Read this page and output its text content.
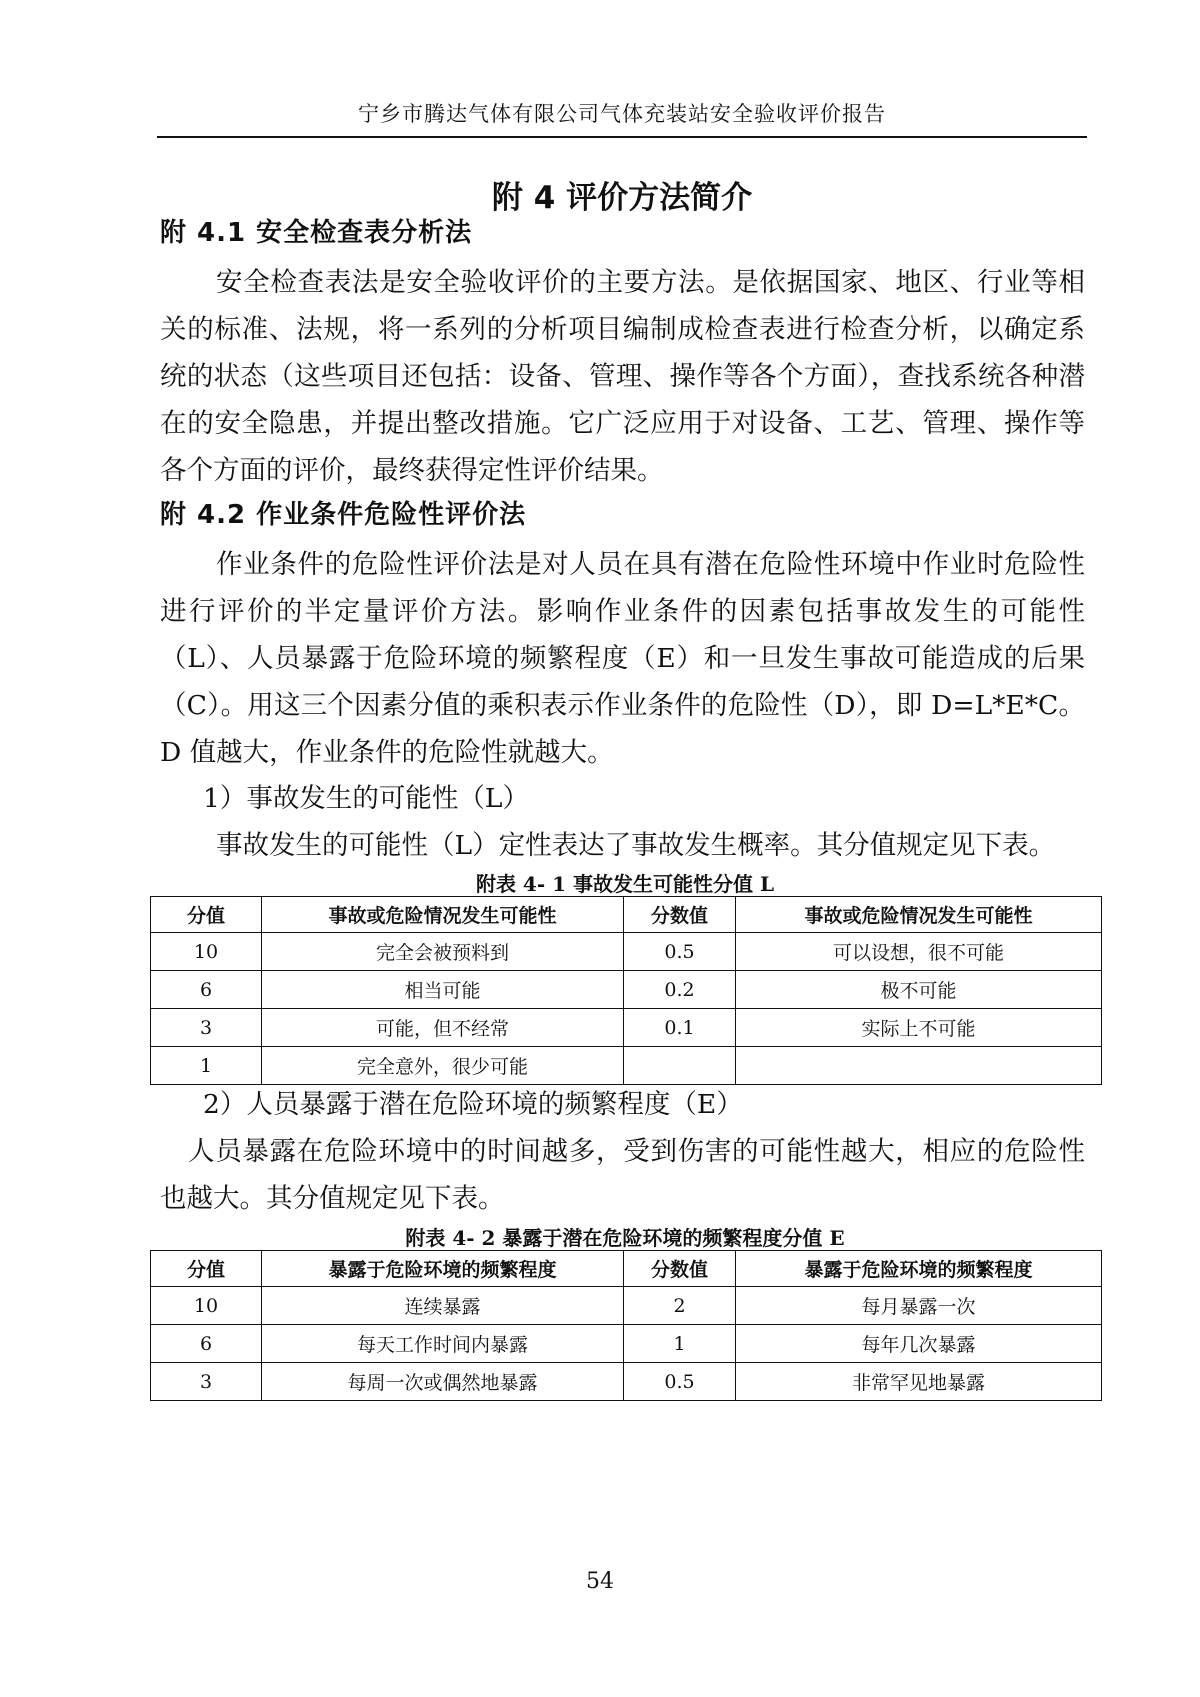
宁乡市腾达气体有限公司气体充装站安全验收评价报告
附 4 评价方法简介
附 4.1 安全检查表分析法

安全检查表法是安全验收评价的主要方法。是依据国家、地区、行业等相关的标准、法规，将一系列的分析项目编制成检查表进行检查分析，以确定系统的状态（这些项目还包括：设备、管理、操作等各个方面），查找系统各种潜在的安全隐患，并提出整改措施。它广泛应用于对设备、工艺、管理、操作等各个方面的评价，最终获得定性评价结果。

附 4.2 作业条件危险性评价法

作业条件的危险性评价法是对人员在具有潜在危险性环境中作业时危险性进行评价的半定量评价方法。影响作业条件的因素包括事故发生的可能性（L）、人员暴露于危险环境的频繁程度（E）和一旦发生事故可能造成的后果（C）。用这三个因素分值的乘积表示作业条件的危险性（D），即 D=L*E*C。D 值越大，作业条件的危险性就越大。

1）事故发生的可能性（L）

事故发生的可能性（L）定性表达了事故发生概率。其分值规定见下表。

附表 4- 1 事故发生可能性分值 L
分值	事故或危险情况发生可能性	分数值	事故或危险情况发生可能性
10	完全会被预料到	0.5	可以设想，很不可能
6	相当可能	0.2	极不可能
3	可能，但不经常	0.1	实际上不可能
1	完全意外，很少可能		

2）人员暴露于潜在危险环境的频繁程度（E）

人员暴露在危险环境中的时间越多，受到伤害的可能性越大，相应的危险性也越大。其分值规定见下表。

附表 4- 2 暴露于潜在危险环境的频繁程度分值 E
分值	暴露于危险环境的频繁程度	分数值	暴露于危险环境的频繁程度
10	连续暴露	2	每月暴露一次
6	每天工作时间内暴露	1	每年几次暴露
3	每周一次或偶然地暴露	0.5	非常罕见地暴露
54
